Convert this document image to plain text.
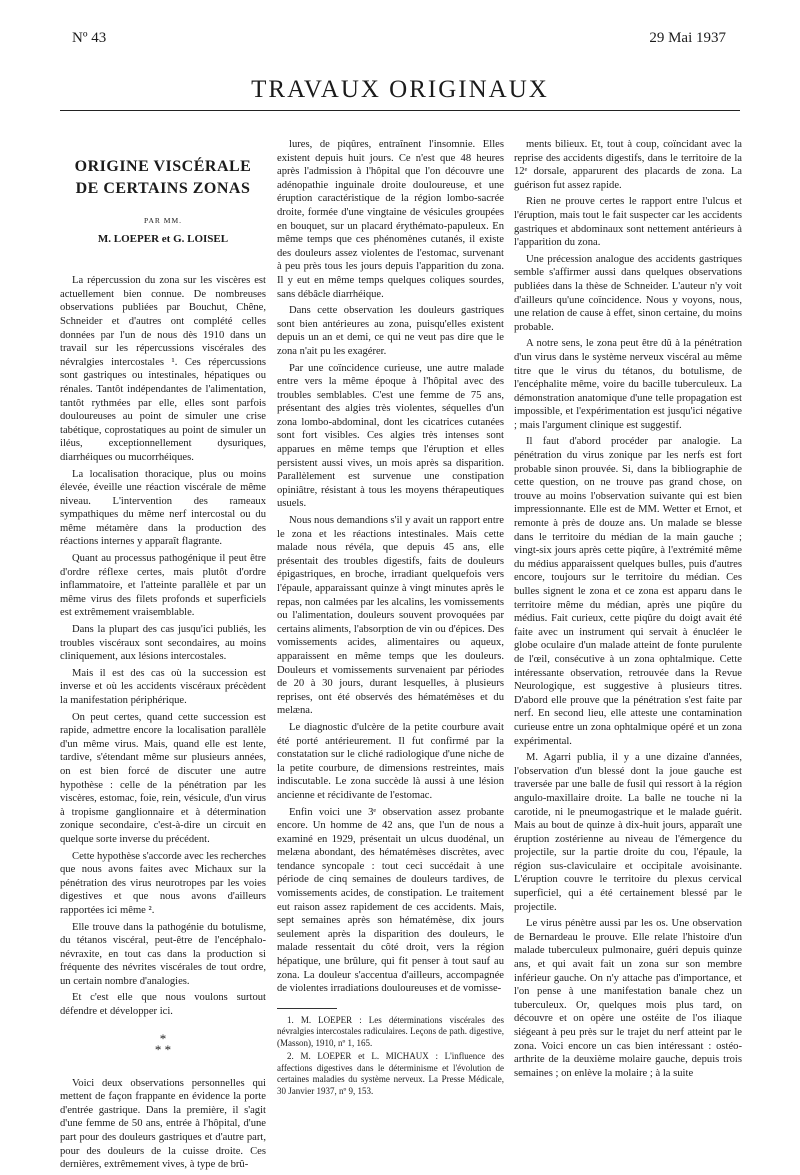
Nº 43	29 Mai 1937
TRAVAUX ORIGINAUX
ORIGINE VISCÉRALE
DE CERTAINS ZONAS
PAR MM.
M. LOEPER et G. LOISEL

La répercussion du zona sur les viscères est actuellement bien connue. De nombreuses observations publiées par Bouchut, Chêne, Schneider et d'autres ont complété celles données par l'un de nous dès 1910 dans un travail sur les répercussions viscérales des névralgies intercostales ¹. Ces répercussions sont gastriques ou intestinales, hépatiques ou rénales. Tantôt indépendantes de l'alimentation, tantôt rythmées par elle, elles sont parfois douloureuses au point de simuler une crise tabétique, coprostatiques au point de simuler un iléus, exceptionnellement dysuriques, diarrhéiques ou mucorrhéiques.

La localisation thoracique, plus ou moins élevée, éveille une réaction viscérale de même niveau. L'intervention des rameaux sympathiques du même nerf intercostal ou du même métamère dans la production des réactions internes y apparaît flagrante.

Quant au processus pathogénique il peut être d'ordre réflexe certes, mais plutôt d'ordre inflammatoire, et l'atteinte parallèle et par un même virus des filets profonds et superficiels est extrêmement vraisemblable.

Dans la plupart des cas jusqu'ici publiés, les troubles viscéraux sont secondaires, au moins cliniquement, aux lésions intercostales.

Mais il est des cas où la succession est inverse et où les accidents viscéraux précèdent la manifestation périphérique.

On peut certes, quand cette succession est rapide, admettre encore la localisation parallèle d'un même virus. Mais, quand elle est lente, tardive, s'étendant même sur plusieurs années, on est bien forcé de discuter une autre hypothèse : celle de la pénétration par les viscères, estomac, foie, rein, vésicule, d'un virus à tropisme ganglionnaire et à détermination zonique secondaire, c'est-à-dire un circuit en quelque sorte inverse du précédent.

Cette hypothèse s'accorde avec les recherches que nous avons faites avec Michaux sur la pénétration des virus neurotropes par les voies digestives et que nous avons d'ailleurs rapportées ici même ².

Elle trouve dans la pathogénie du botulisme, du tétanos viscéral, peut-être de l'encéphalo-névraxite, en tout cas dans la production si fréquente des névrites viscérales de tout ordre, un certain nombre d'analogies.

Et c'est elle que nous voulons surtout défendre et développer ici.

*
* *

Voici deux observations personnelles qui mettent de façon frappante en évidence la porte d'entrée gastrique. Dans la première, il s'agit d'une femme de 50 ans, entrée à l'hôpital, d'une part pour des douleurs gastriques et d'autre part, pour des douleurs de la cuisse droite. Ces dernières, extrêmement vives, à type de brû-

lures, de piqûres, entraînent l'insomnie. Elles existent depuis huit jours. Ce n'est que 48 heures après l'admission à l'hôpital que l'on découvre une adénopathie inguinale droite douloureuse, et une éruption caractéristique de la région lombo-sacrée droite, formée d'une vingtaine de vésicules groupées en bouquet, sur un placard érythémato-papuleux. En même temps que ces phénomènes cutanés, il existe des douleurs assez violentes de l'estomac, survenant à peu près tous les jours depuis l'apparition du zona. Il y eut en même temps quelques coliques sourdes, sans débâcle diarrhéique.

Dans cette observation les douleurs gastriques sont bien antérieures au zona, puisqu'elles existent depuis un an et demi, ce qui ne veut pas dire que le zona n'ait pu les exagérer.

Par une coïncidence curieuse, une autre malade entre vers la même époque à l'hôpital avec des troubles semblables. C'est une femme de 75 ans, présentant des algies très violentes, séquelles d'un zona lombo-abdominal, dont les cicatrices cutanées sont fort visibles. Ces algies très intenses sont apparues en même temps que l'éruption et elles persistent aussi vives, un mois après sa disparition. Parallèlement est survenue une constipation opiniâtre, résistant à tous les moyens thérapeutiques usuels.

Nous nous demandions s'il y avait un rapport entre le zona et les réactions intestinales. Mais cette malade nous révéla, que depuis 45 ans, elle présentait des troubles digestifs, faits de douleurs épigastriques, en broche, irradiant quelquefois vers l'épaule, apparaissant quinze à vingt minutes après le repas, non calmées par les alcalins, les vomissements ou l'alimentation, douleurs souvent provoquées par certains aliments, l'absorption de vin ou d'épices. Des vomissements acides, alimentaires ou aqueux, apparaissent en même temps que les douleurs. Douleurs et vomissements survenaient par périodes de 20 à 30 jours, durant lesquelles, à plusieurs reprises, ont été observés des hématémèses et du melæna.

Le diagnostic d'ulcère de la petite courbure avait été porté antérieurement. Il fut confirmé par la constatation sur le cliché radiologique d'une niche de la petite courbure, de dimensions restreintes, mais indiscutable. Le zona succède là aussi à une lésion ancienne et récidivante de l'estomac.

Enfin voici une 3ᵉ observation assez probante encore. Un homme de 42 ans, que l'un de nous a examiné en 1929, présentait un ulcus duodénal, un melæna abondant, des hématémèses discrètes, avec tendance syncopale : tout ceci succédait à une période de cinq semaines de douleurs tardives, de vomissements acides, de constipation. Le traitement eut raison assez rapidement de ces accidents. Mais, sept semaines après son hématémèse, dix jours seulement après la disparition des douleurs, le malade ressentait du côté droit, vers la région hépatique, une brûlure, qui fit penser à tout sauf au zona. La douleur s'accentua d'ailleurs, accompagnée de violentes irradiations douloureuses et de vomisse-

1. M. LOEPER : Les déterminations viscérales des névralgies intercostales radiculaires. Leçons de path. digestive, (Masson), 1910, nº 1, 165.

2. M. LOEPER et L. MICHAUX : L'influence des affections digestives dans le déterminisme et l'évolution de certaines maladies du système nerveux. La Presse Médicale, 30 Janvier 1937, nº 9, 153.

ments bilieux. Et, tout à coup, coïncidant avec la reprise des accidents digestifs, dans le territoire de la 12ᵉ dorsale, apparurent des placards de zona. La guérison fut assez rapide.

Rien ne prouve certes le rapport entre l'ulcus et l'éruption, mais tout le fait suspecter car les accidents gastriques et abdominaux sont nettement antérieurs à l'apparition du zona.

Une précession analogue des accidents gastriques semble s'affirmer aussi dans quelques observations publiées dans la thèse de Schneider. L'auteur n'y voit d'ailleurs qu'une coïncidence. Nous y voyons, nous, une relation de cause à effet, sinon certaine, du moins probable.

A notre sens, le zona peut être dû à la pénétration d'un virus dans le système nerveux viscéral au même titre que le virus du tétanos, du botulisme, de l'encéphalite même, voire du bacille tuberculeux. La démonstration anatomique d'une telle propagation est impossible, et l'expérimentation est jusqu'ici négative ; mais l'argument clinique est suggestif.

Il faut d'abord procéder par analogie. La pénétration du virus zonique par les nerfs est fort probable sinon prouvée. Si, dans la bibliographie de cette question, on ne trouve pas grand chose, on trouve au moins l'observation suivante qui est bien impressionnante. Elle est de MM. Wetter et Ernot, et remonte à près de douze ans. Un malade se blesse dans le territoire du médian de la main gauche ; vingt-six jours après cette piqûre, à l'extrémité même du médius apparaissent quelques bulles, puis d'autres encore, toujours sur le territoire du médian. Ces bulles signent le zona et ce zona est apparu dans le territoire même du médian, après une piqûre du médius. Fait curieux, cette piqûre du doigt avait été faite avec un instrument qui servait à énucléer le globe oculaire d'un malade atteint de fonte purulente de l'œil, consécutive à un zona ophtalmique. Cette intéressante observation, retrouvée dans la Revue Neurologique, est suggestive à plusieurs titres. D'abord elle prouve que la pénétration s'est faite par nerf. En second lieu, elle atteste une contamination curieuse entre un zona ophtalmique opéré et un zona expérimental.

M. Agarri publia, il y a une dizaine d'années, l'observation d'un blessé dont la joue gauche est traversée par une balle de fusil qui ressort à la région angulo-maxillaire droite. La balle ne touche ni la carotide, ni le pneumogastrique et le malade guérit. Mais au bout de quinze à dix-huit jours, apparaît une éruption zostérienne au niveau de l'émergence du projectile, sur la partie droite du cou, l'épaule, la région sus-claviculaire et occipitale avoisinante. L'éruption couvre le territoire du plexus cervical superficiel, qui a été certainement blessé par le projectile.

Le virus pénètre aussi par les os. Une observation de Bernardeau le prouve. Elle relate l'histoire d'un malade tuberculeux pulmonaire, guéri depuis quinze ans, et qui avait fait un zona sur son membre inférieur gauche. On n'y attache pas d'importance, et l'on pense à une manifestation banale chez un tuberculeux. Or, quelques mois plus tard, on découvre et on opère une ostéite de l'os iliaque siégeant à peu près sur le trajet du nerf atteint par le zona. Voici encore un cas bien intéressant : ostéo-arthrite de la deuxième molaire gauche, depuis trois semaines ; on enlève la molaire ; à la suite
